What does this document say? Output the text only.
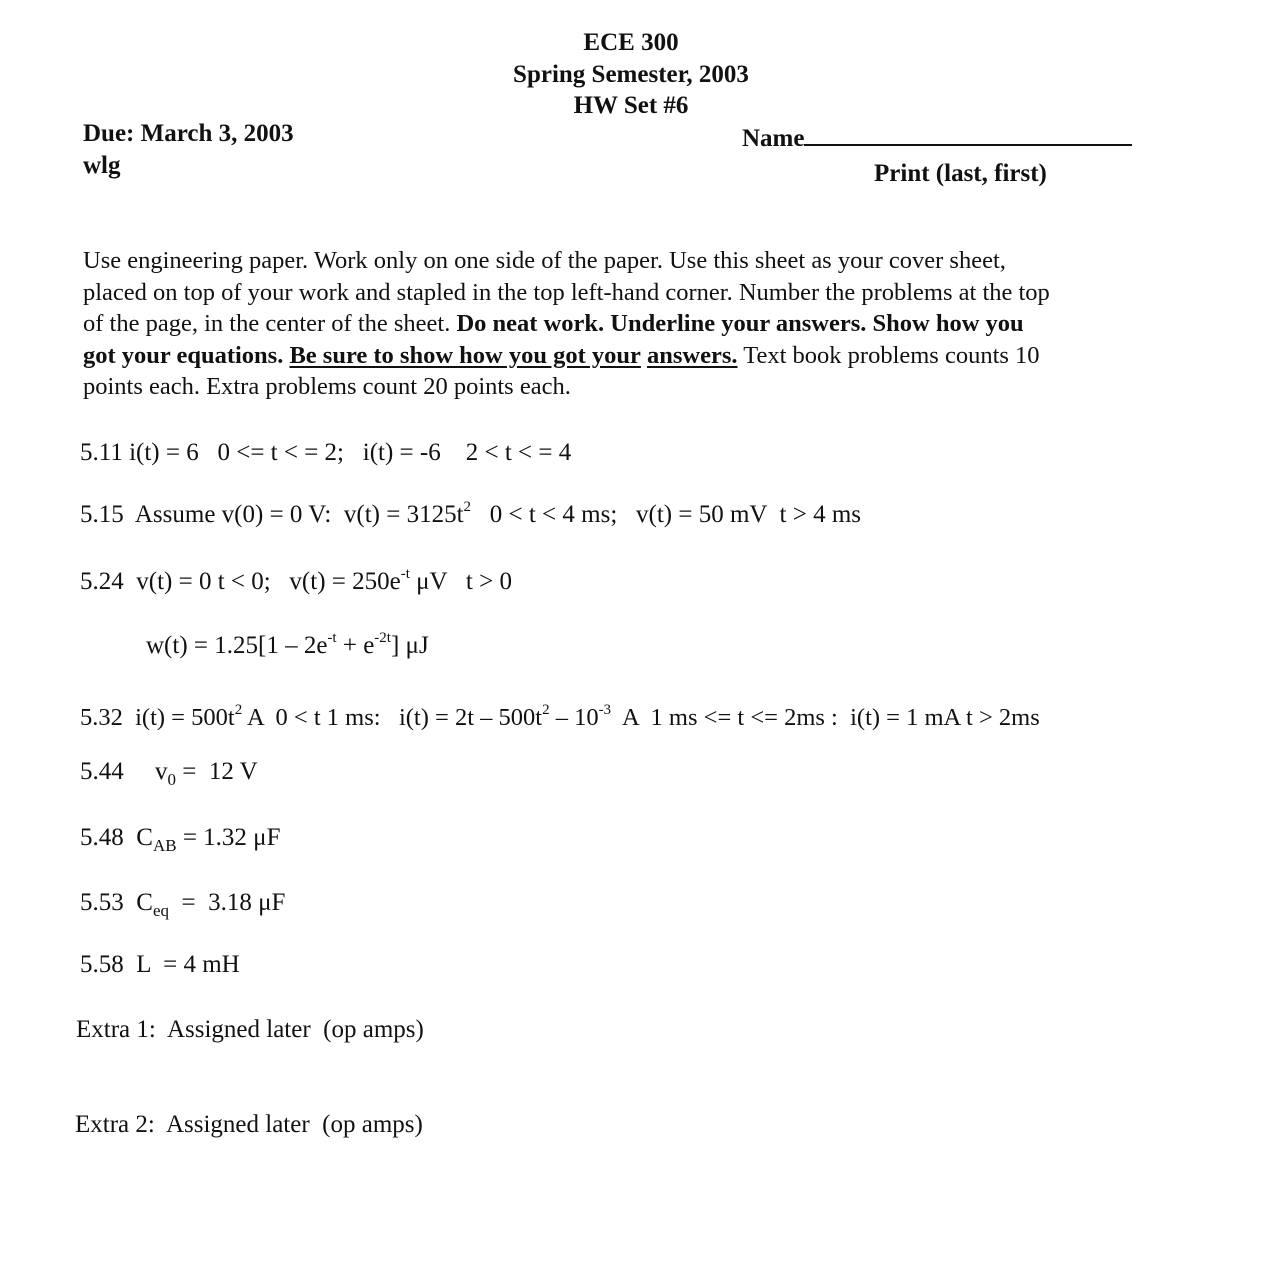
ECE 300
Spring Semester, 2003
HW Set #6
Due: March 3, 2003
wlg
Name
Print (last, first)
Use engineering paper. Work only on one side of the paper. Use this sheet as your cover sheet,
placed on top of your work and stapled in the top left-hand corner. Number the problems at the top
of the page, in the center of the sheet. Do neat work. Underline your answers. Show how you
got your equations. Be sure to show how you got your answers. Text book problems counts 10
points each. Extra problems count 20 points each.
5.11 i(t) = 6   0 <= t < = 2;   i(t) = -6    2 < t < = 4
5.15  Assume v(0) = 0 V:  $v(t) = 3125t^2$   0 < t < 4 ms;   v(t) = 50 mV  t > 4 ms
5.24  v(t) = 0 t < 0;   $v(t) = 250e^{-t}$ μV   t > 0
$w(t) = 1.25[1 - 2e^{-t} + e^{-2t}]$ μJ
5.32  $i(t) = 500t^2$ A  0 < t 1 ms:   $i(t) = 2t - 500t^2 - 10^{-3}$  A  1 ms <= t <= 2ms :  i(t) = 1 mA t > 2ms
5.44     $v_0 = 12$ V
5.48  $C_{AB} = 1.32$ μF
5.53  $C_{eq} = 3.18$ μF
5.58  L  = 4 mH
Extra 1:  Assigned later  (op amps)
Extra 2:  Assigned later  (op amps)
